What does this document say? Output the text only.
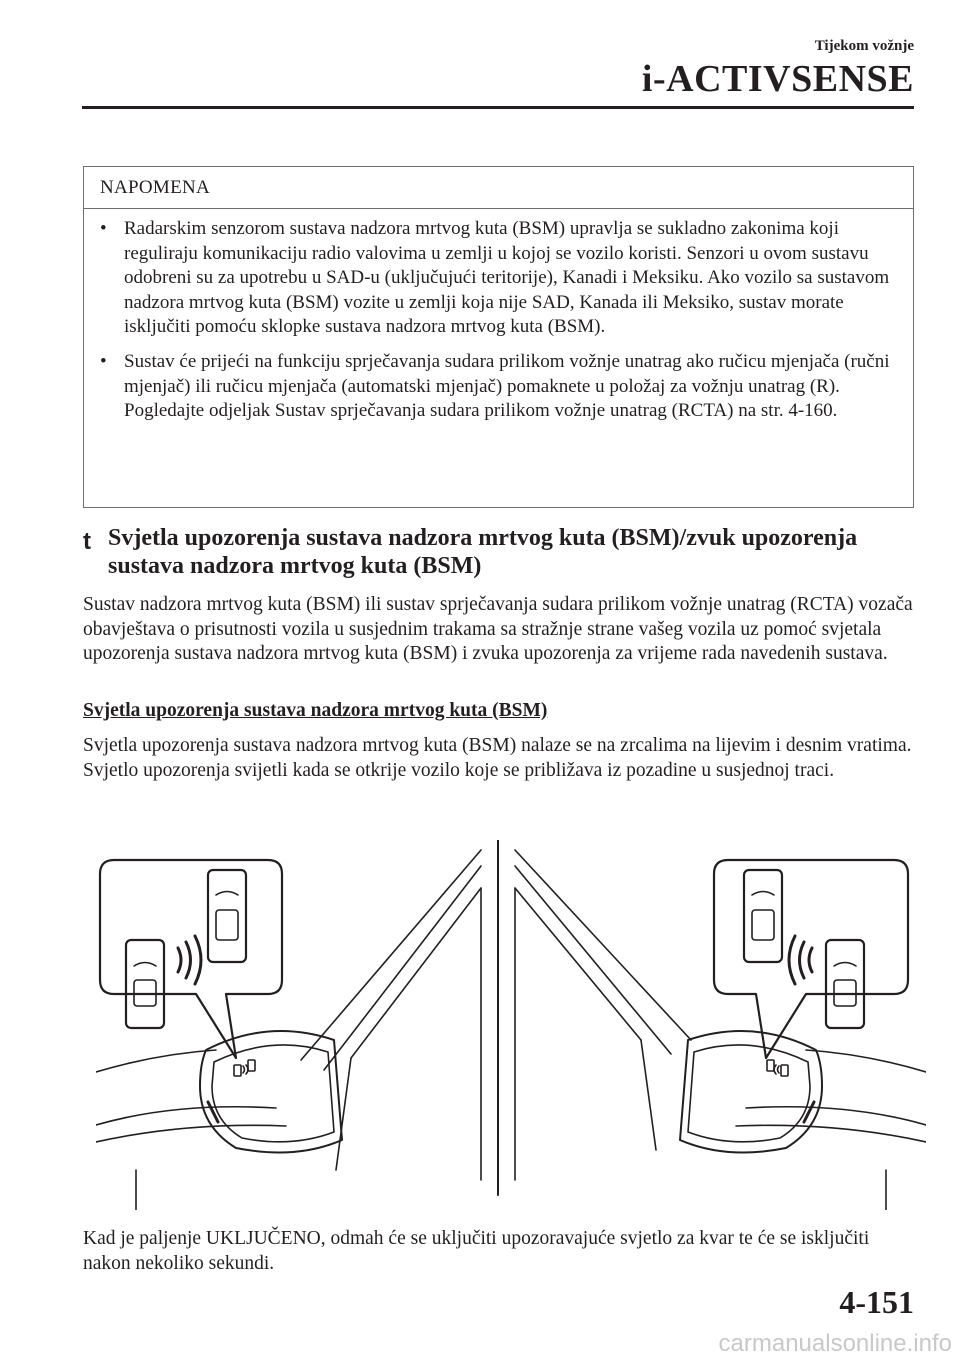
Tijekom vožnje
i-ACTIVSENSE
NAPOMENA
• Radarskim senzorom sustava nadzora mrtvog kuta (BSM) upravlja se sukladno zakonima koji reguliraju komunikaciju radio valovima u zemlji u kojoj se vozilo koristi. Senzori u ovom sustavu odobreni su za upotrebu u SAD-u (uključujući teritorije), Kanadi i Meksiku. Ako vozilo sa sustavom nadzora mrtvog kuta (BSM) vozite u zemlji koja nije SAD, Kanada ili Meksiko, sustav morate isključiti pomoću sklopke sustava nadzora mrtvog kuta (BSM).
• Sustav će prijeći na funkciju sprječavanja sudara prilikom vožnje unatrag ako ručicu mjenjača (ručni mjenjač) ili ručicu mjenjača (automatski mjenjač) pomaknete u položaj za vožnju unatrag (R).
Pogledajte odjeljak Sustav sprječavanja sudara prilikom vožnje unatrag (RCTA) na str. 4-160.
t Svjetla upozorenja sustava nadzora mrtvog kuta (BSM)/zvuk upozorenja sustava nadzora mrtvog kuta (BSM)
Sustav nadzora mrtvog kuta (BSM) ili sustav sprječavanja sudara prilikom vožnje unatrag (RCTA) vozača obavještava o prisutnosti vozila u susjednim trakama sa stražnje strane vašeg vozila uz pomoć svjetala upozorenja sustava nadzora mrtvog kuta (BSM) i zvuka upozorenja za vrijeme rada navedenih sustava.
Svjetla upozorenja sustava nadzora mrtvog kuta (BSM)
Svjetla upozorenja sustava nadzora mrtvog kuta (BSM) nalaze se na zrcalima na lijevim i desnim vratima. Svjetlo upozorenja svijetli kada se otkrije vozilo koje se približava iz pozadine u susjednoj traci.
Kad je paljenje UKLJUČENO, odmah će se uključiti upozoravajuće svjetlo za kvar te će se isključiti nakon nekoliko sekundi.
4-151
carmanualsonline.info
